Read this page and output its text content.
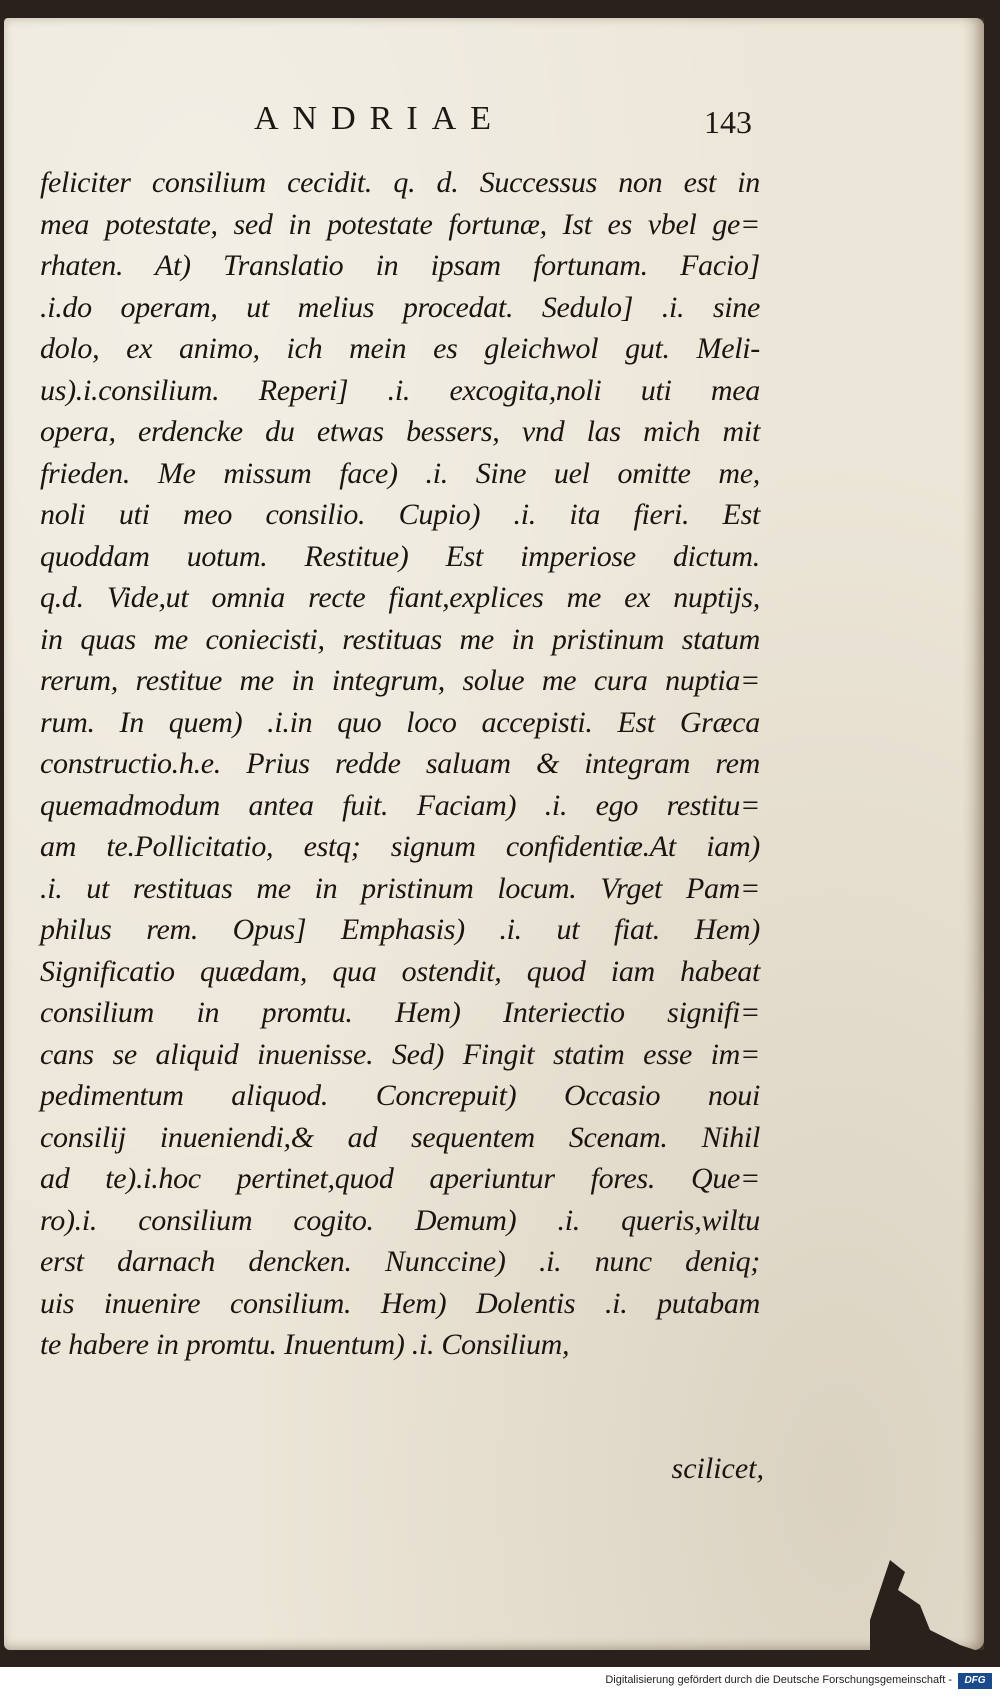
ANDRIAE	143
feliciter consilium cecidit. q. d. Successus non est in
mea potestate, sed in potestate fortunæ, Ist es vbel ge=
rhaten. At) Translatio in ipsam fortunam. Facio]
.i.do operam, ut melius procedat. Sedulo] .i. sine
dolo, ex animo, ich mein es gleichwol gut. Meli-
us).i.consilium. Reperi] .i. excogita,noli uti mea
opera, erdencke du etwas bessers, vnd las mich mit
frieden. Me missum face) .i. Sine uel omitte me,
noli uti meo consilio. Cupio) .i. ita fieri. Est
quoddam uotum. Restitue) Est imperiose dictum.
q.d. Vide,ut omnia recte fiant,explices me ex nuptijs,
in quas me coniecisti, restituas me in pristinum statum
rerum, restitue me in integrum, solue me cura nuptia=
rum. In quem) .i.in quo loco accepisti. Est Græca
constructio.h.e. Prius redde saluam & integram rem
quemadmodum antea fuit. Faciam) .i. ego restitu=
am te.Pollicitatio, estq; signum confidentiæ.At iam)
.i. ut restituas me in pristinum locum. Vrget Pam=
philus rem. Opus] Emphasis) .i. ut fiat. Hem)
Significatio quædam, qua ostendit, quod iam habeat
consilium in promtu. Hem) Interiectio signifi=
cans se aliquid inuenisse. Sed) Fingit statim esse im=
pedimentum aliquod. Concrepuit) Occasio noui
consilij inueniendi,& ad sequentem Scenam. Nihil
ad te).i.hoc pertinet,quod aperiuntur fores. Que=
ro).i. consilium cogito. Demum) .i. queris,wiltu
erst darnach dencken. Nunccine) .i. nunc deniq;
uis inuenire consilium. Hem) Dolentis .i. putabam
te habere in promtu. Inuentum) .i. Consilium,
scilicet,
Digitalisierung gefördert durch die Deutsche Forschungsgemeinschaft -	DFG
